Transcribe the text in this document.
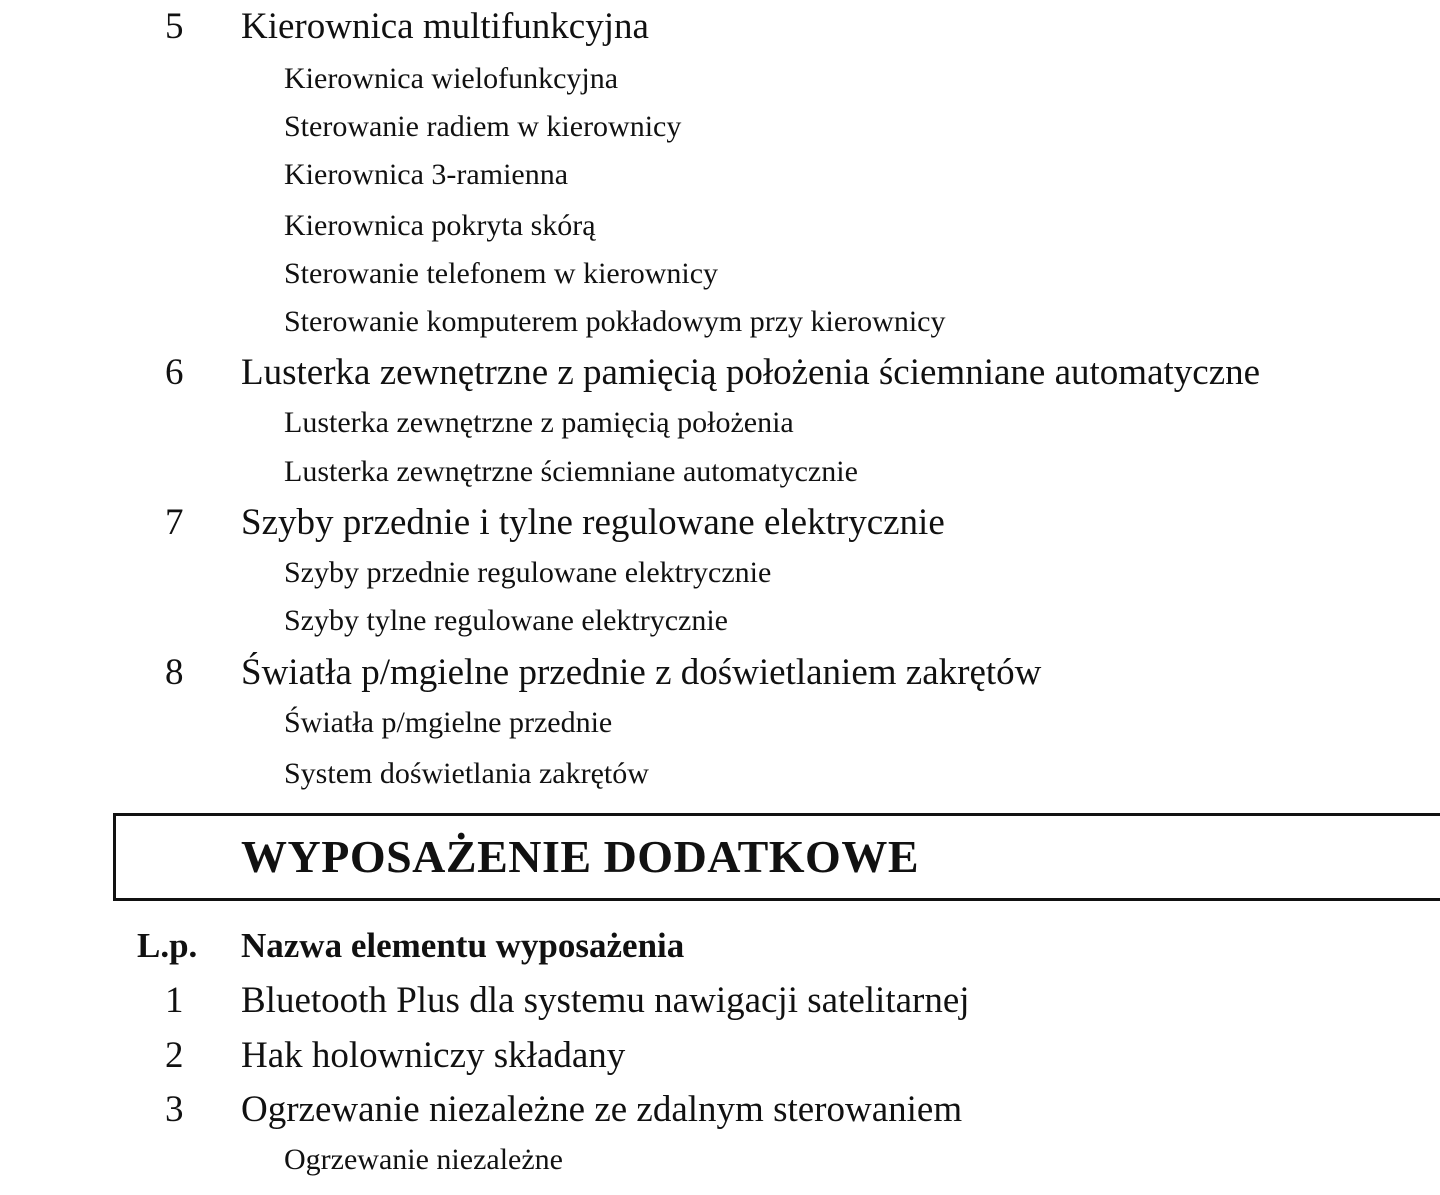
5 Kierownica multifunkcyjna
Kierownica wielofunkcyjna
Sterowanie radiem w kierownicy
Kierownica 3-ramienna
Kierownica pokryta skórą
Sterowanie telefonem w kierownicy
Sterowanie komputerem pokładowym przy kierownicy
6 Lusterka zewnętrzne z pamięcią położenia ściemniane automatyczne
Lusterka zewnętrzne z pamięcią położenia
Lusterka zewnętrzne ściemniane automatycznie
7 Szyby przednie i tylne regulowane elektrycznie
Szyby przednie regulowane elektrycznie
Szyby tylne regulowane elektrycznie
8 Światła p/mgielne przednie z doświetlaniem zakrętów
Światła p/mgielne przednie
System doświetlania zakrętów
WYPOSAŻENIE DODATKOWE
L.p. Nazwa elementu wyposażenia
1 Bluetooth Plus dla systemu nawigacji satelitarnej
2 Hak holowniczy składany
3 Ogrzewanie niezależne ze zdalnym sterowaniem
Ogrzewanie niezależne
